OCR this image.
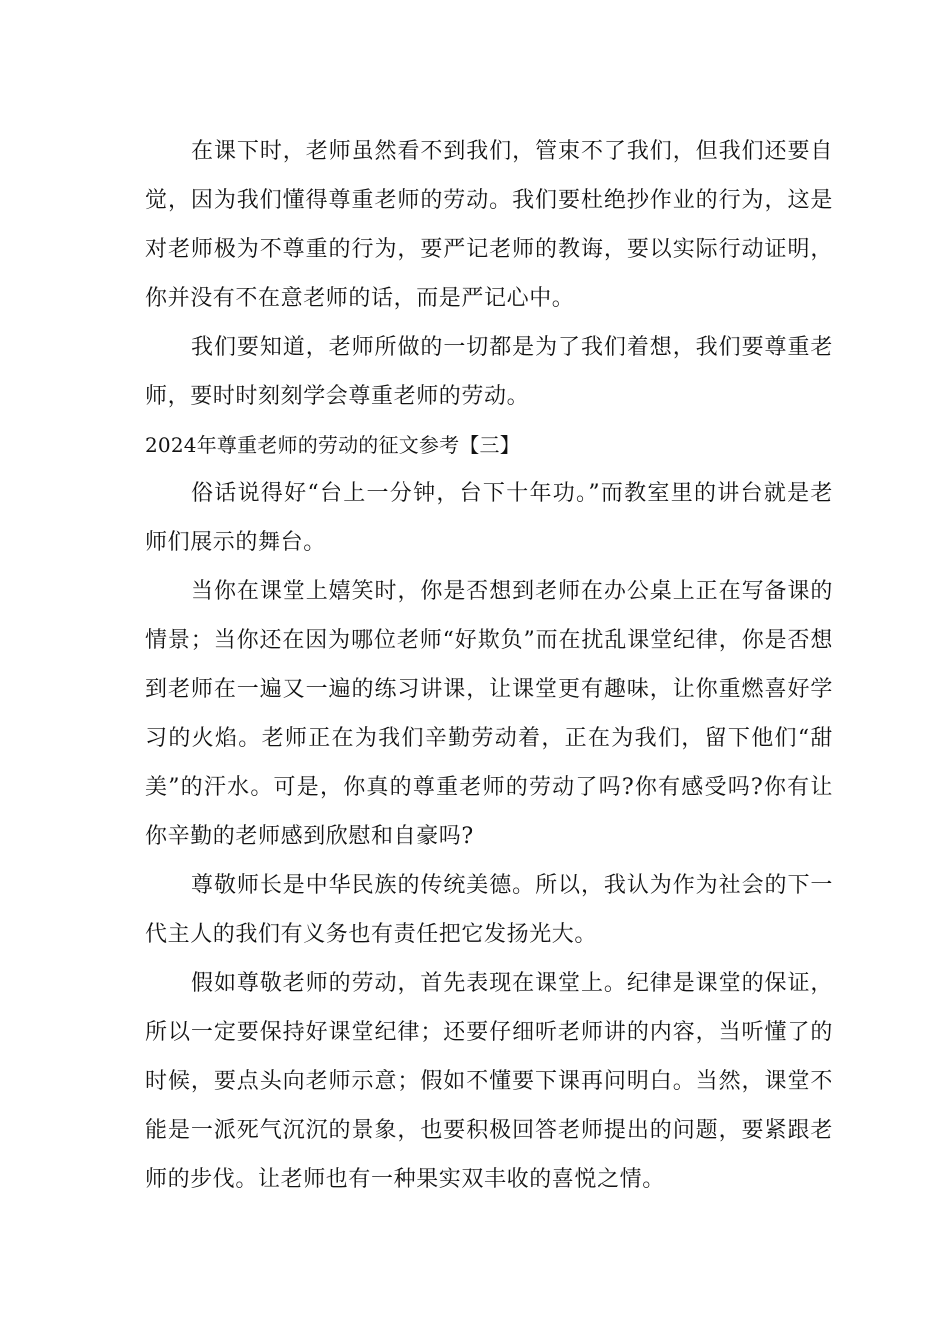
在课下时，老师虽然看不到我们，管束不了我们，但我们还要自觉，因为我们懂得尊重老师的劳动。我们要杜绝抄作业的行为，这是对老师极为不尊重的行为，要严记老师的教诲，要以实际行动证明，你并没有不在意老师的话，而是严记心中。

我们要知道，老师所做的一切都是为了我们着想，我们要尊重老师，要时时刻刻学会尊重老师的劳动。

2024年尊重老师的劳动的征文参考【三】

俗话说得好“台上一分钟，台下十年功。”而教室里的讲台就是老师们展示的舞台。

当你在课堂上嬉笑时，你是否想到老师在办公桌上正在写备课的情景；当你还在因为哪位老师“好欺负”而在扰乱课堂纪律，你是否想到老师在一遍又一遍的练习讲课，让课堂更有趣味，让你重燃喜好学习的火焰。老师正在为我们辛勤劳动着，正在为我们，留下他们“甜美”的汗水。可是，你真的尊重老师的劳动了吗?你有感受吗?你有让你辛勤的老师感到欣慰和自豪吗?

尊敬师长是中华民族的传统美德。所以，我认为作为社会的下一代主人的我们有义务也有责任把它发扬光大。

假如尊敬老师的劳动，首先表现在课堂上。纪律是课堂的保证，所以一定要保持好课堂纪律；还要仔细听老师讲的内容，当听懂了的时候，要点头向老师示意；假如不懂要下课再问明白。当然，课堂不能是一派死气沉沉的景象，也要积极回答老师提出的问题，要紧跟老师的步伐。让老师也有一种果实双丰收的喜悦之情。
